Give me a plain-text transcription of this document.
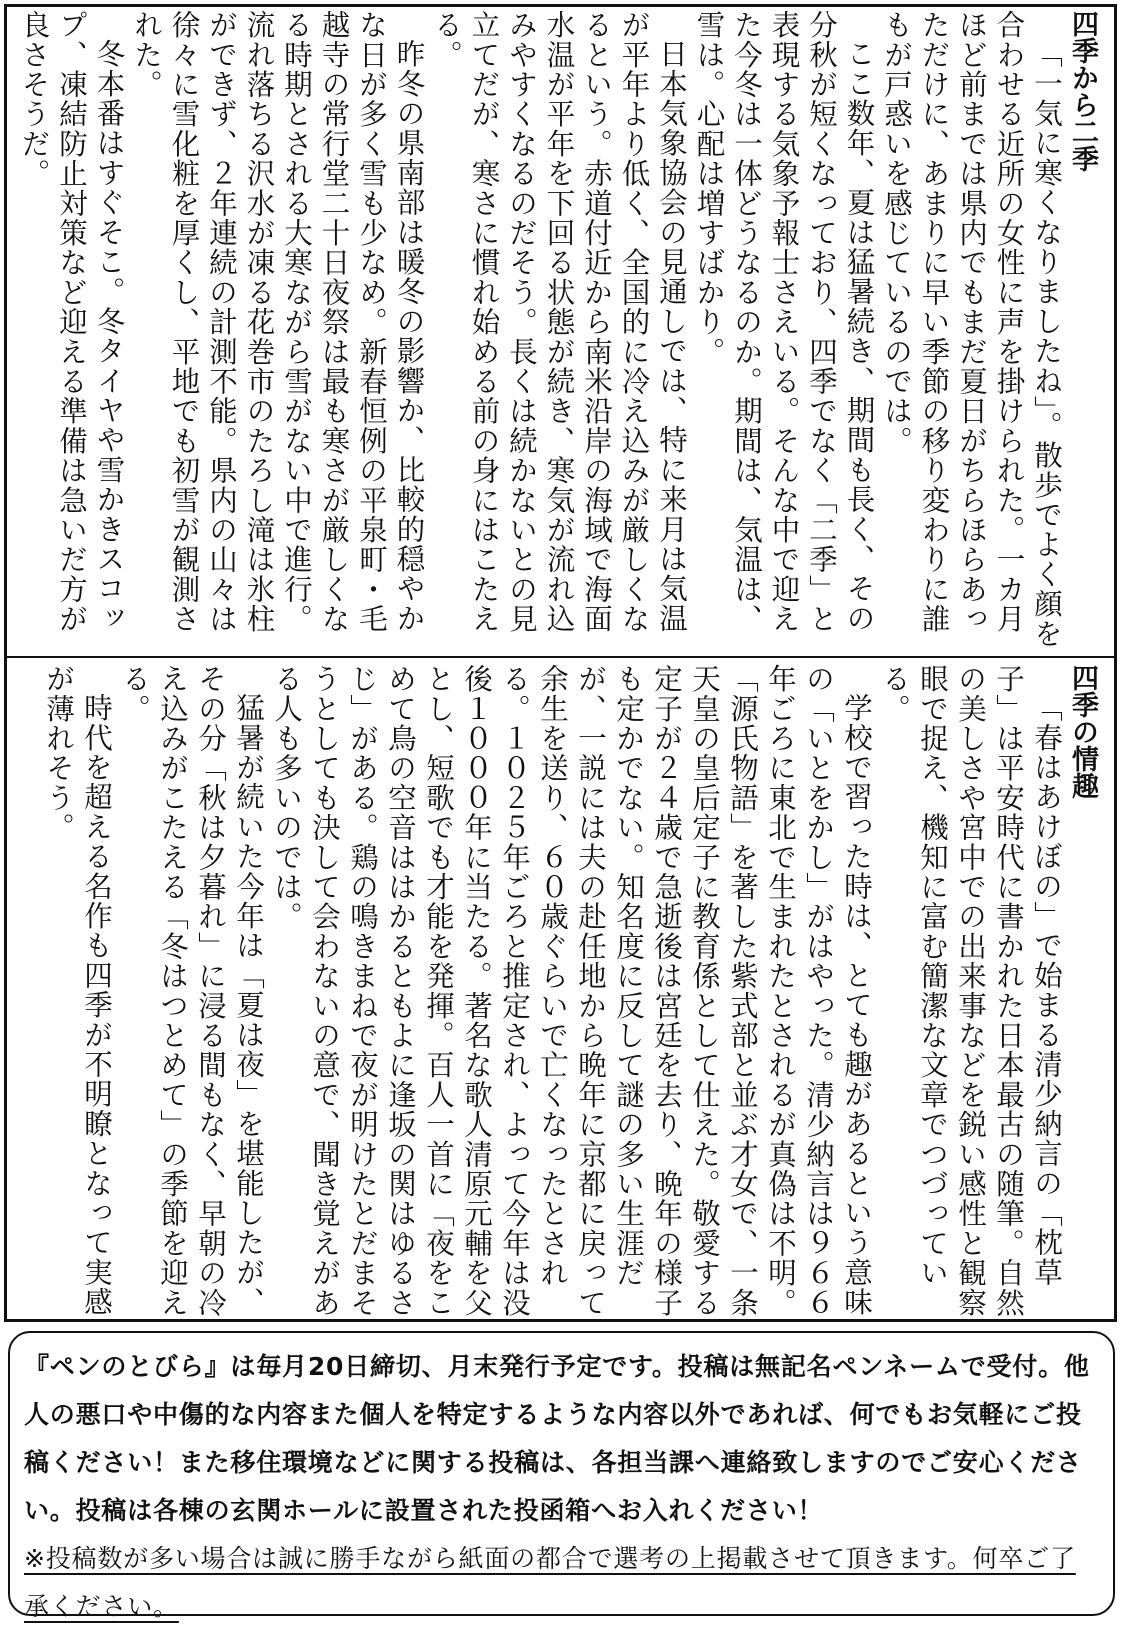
四季から二季

「一気に寒くなりましたね」。散歩でよく顔を合わせる近所の女性に声を掛けられた。一カ月ほど前までは県内でもまだ夏日がちらほらあっただけに、あまりに早い季節の移り変わりに誰もが戸惑いを感じているのでは。

ここ数年、夏は猛暑続き、期間も長く、その分秋が短くなっており、四季でなく「二季」と表現する気象予報士さえいる。そんな中で迎えた今冬は一体どうなるのか。期間は、気温は、雪は。心配は増すばかり。

日本気象協会の見通しでは、特に来月は気温が平年より低く、全国的に冷え込みが厳しくなるという。赤道付近から南米沿岸の海域で海面水温が平年を下回る状態が続き、寒気が流れ込みやすくなるのだそう。長くは続かないとの見立てだが、寒さに慣れ始める前の身にはこたえる。

昨冬の県南部は暖冬の影響か、比較的穏やかな日が多く雪も少なめ。新春恒例の平泉町・毛越寺の常行堂二十日夜祭は最も寒さが厳しくなる時期とされる大寒ながら雪がない中で進行。流れ落ちる沢水が凍る花巻市のたろし滝は氷柱ができず、２年連続の計測不能。県内の山々は徐々に雪化粧を厚くし、平地でも初雪が観測された。

冬本番はすぐそこ。冬タイヤや雪かきスコップ、凍結防止対策など迎える準備は急いだ方が良さそうだ。

四季の情趣

「春はあけぼの」で始まる清少納言の「枕草子」は平安時代に書かれた日本最古の随筆。自然の美しさや宮中での出来事などを鋭い感性と観察眼で捉え、機知に富む簡潔な文章でつづっている。

学校で習った時は、とても趣があるという意味の「いとをかし」がはやった。清少納言は９６６年ごろに東北で生まれたとされるが真偽は不明。「源氏物語」を著した紫式部と並ぶ才女で、一条天皇の皇后定子に教育係として仕えた。敬愛する定子が２４歳で急逝後は宮廷を去り、晩年の様子も定かでない。知名度に反して謎の多い生涯だが、一説には夫の赴任地から晩年に京都に戻って余生を送り、６０歳ぐらいで亡くなったとされる。１０２５年ごろと推定され、よって今年は没後１０００年に当たる。著名な歌人清原元輔を父とし、短歌でも才能を発揮。百人一首に「夜をこめて鳥の空音ははかるともよに逢坂の関はゆるさじ」がある。鶏の鳴きまねで夜が明けたとだまそうとしても決して会わないの意で、聞き覚えがある人も多いのでは。

猛暑が続いた今年は「夏は夜」を堪能したが、その分「秋は夕暮れ」に浸る間もなく、早朝の冷え込みがこたえる「冬はつとめて」の季節を迎える。

時代を超える名作も四季が不明瞭となって実感が薄れそう。

『ペンのとびら』は毎月20日締切、月末発行予定です。投稿は無記名ペンネームで受付。他人の悪口や中傷的な内容また個人を特定するような内容以外であれば、何でもお気軽にご投稿ください！また移住環境などに関する投稿は、各担当課へ連絡致しますのでご安心ください。投稿は各棟の玄関ホールに設置された投函箱へお入れください！

※投稿数が多い場合は誠に勝手ながら紙面の都合で選考の上掲載させて頂きます。何卒ご了承ください。
